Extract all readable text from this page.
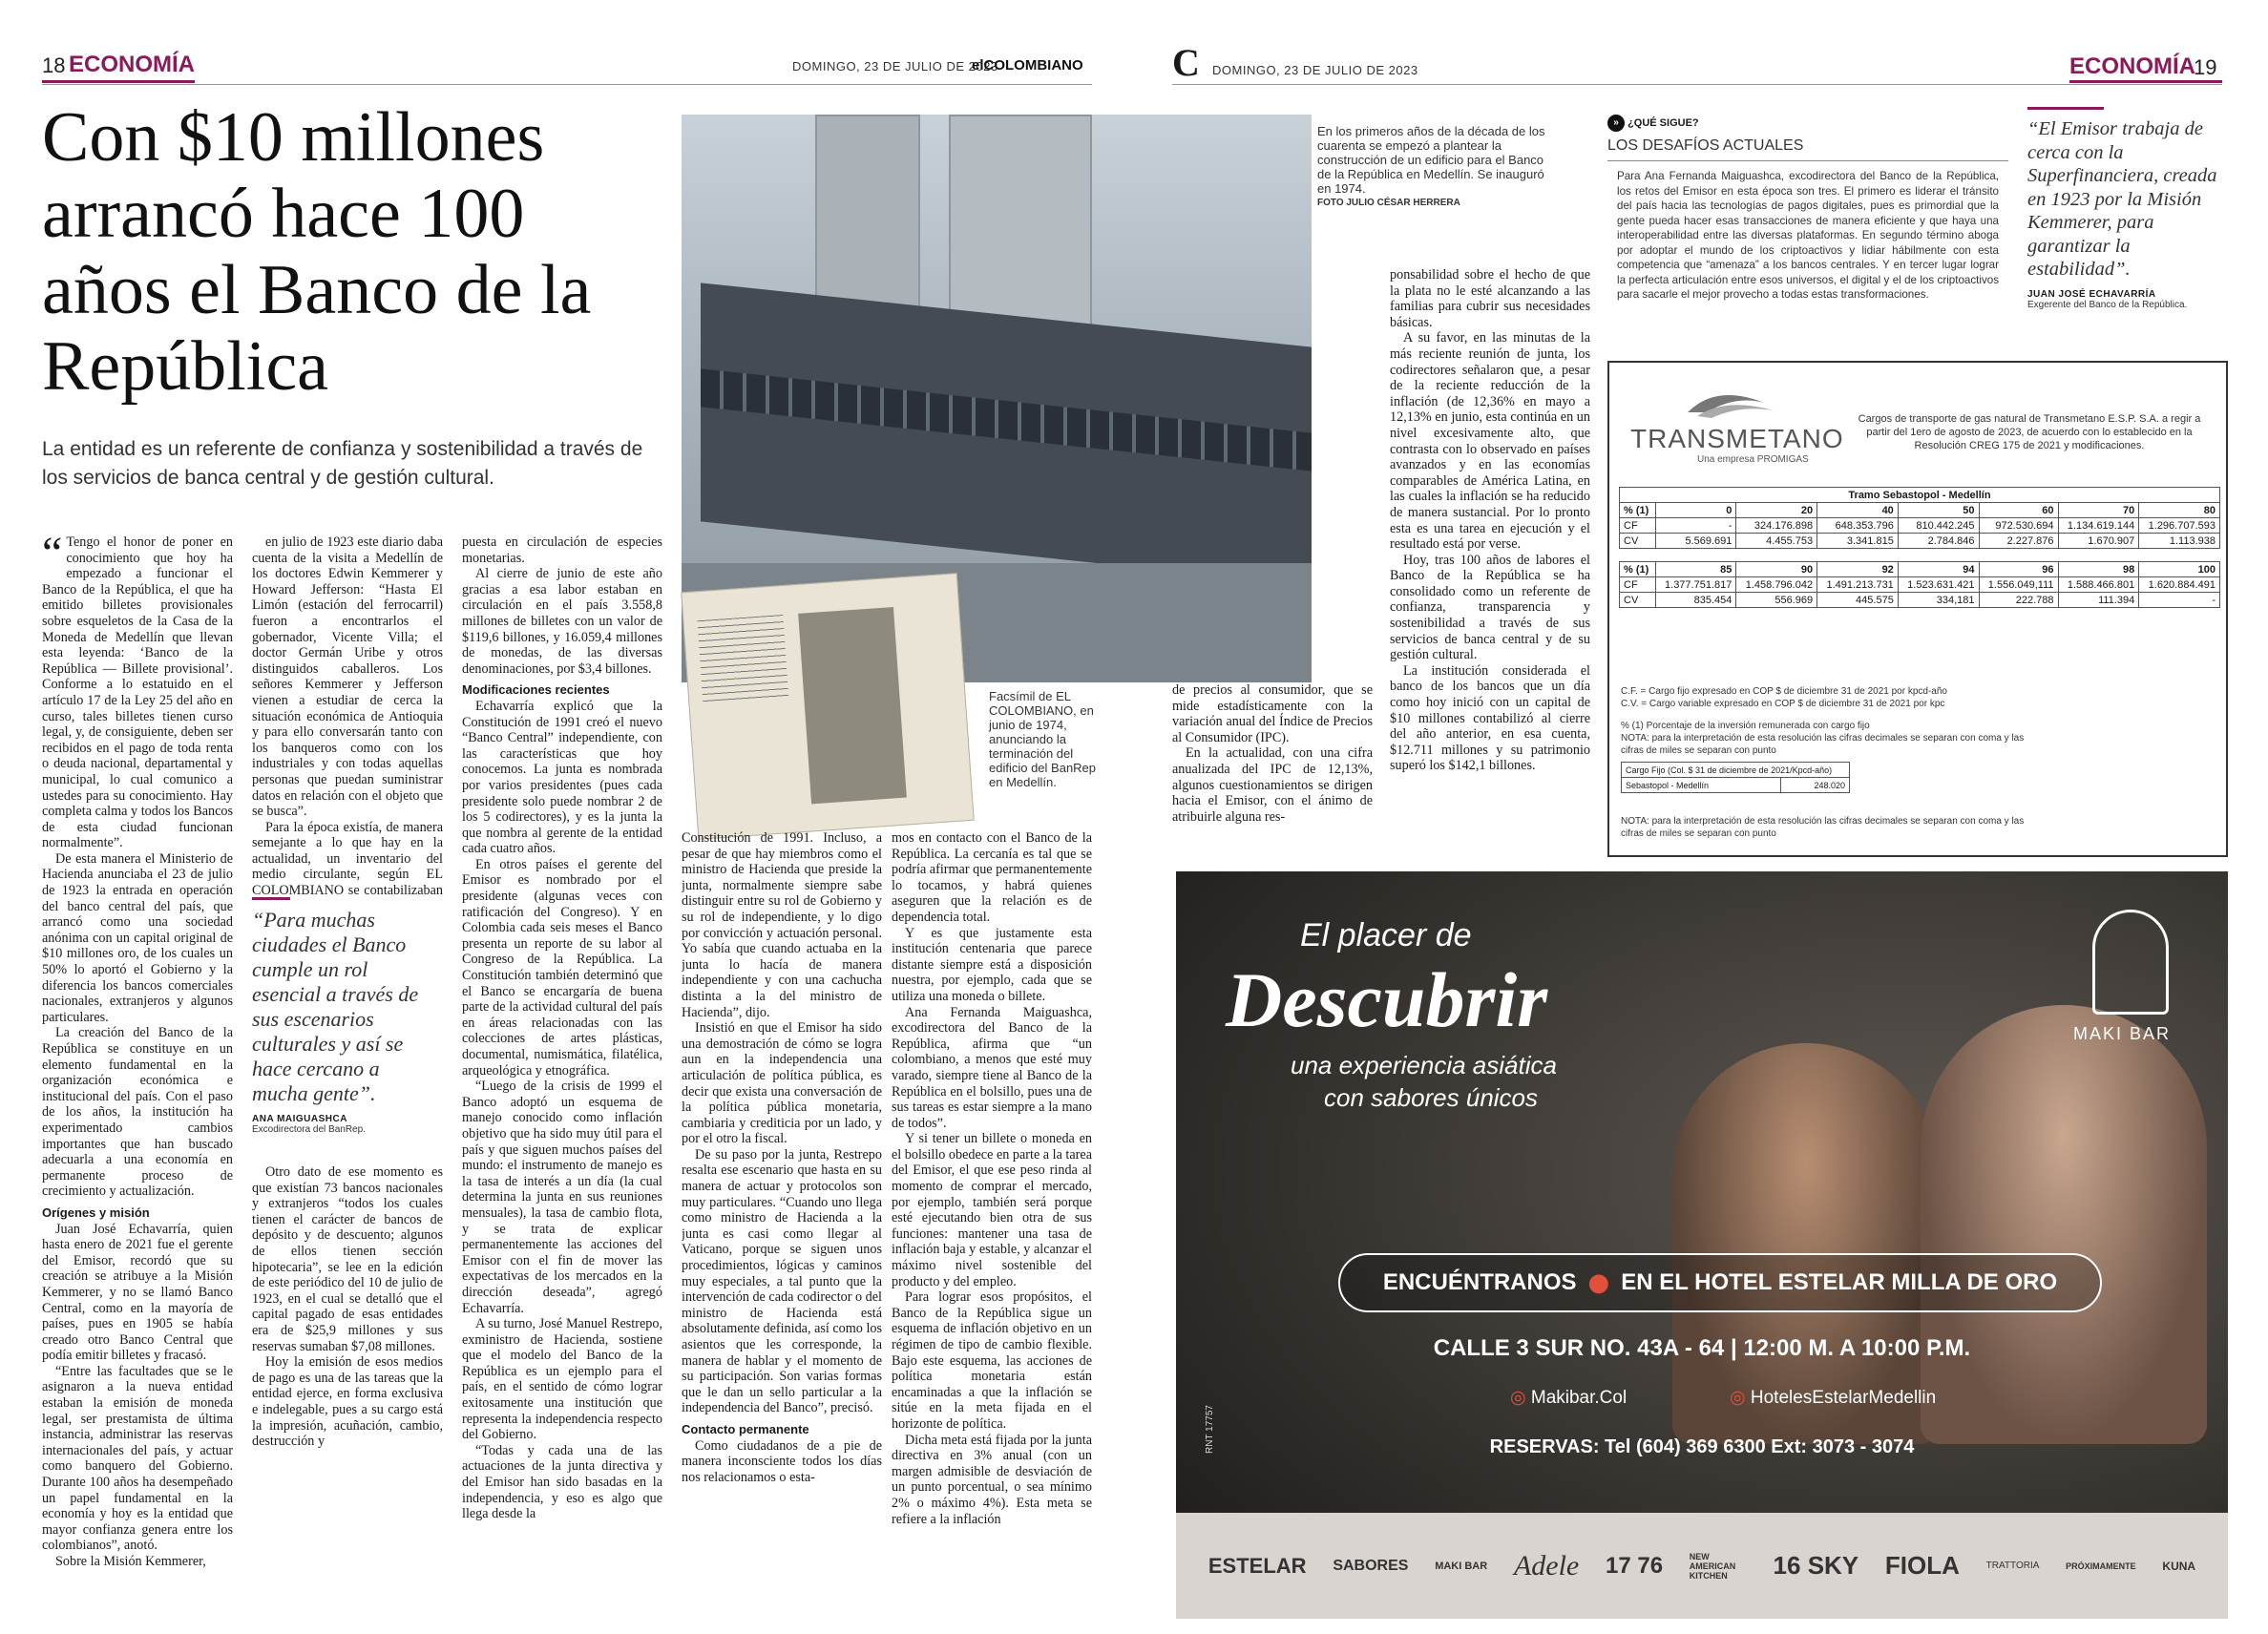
18 ECONOMÍA	DOMINGO, 23 DE JULIO DE 2023
elCOLOMBIANO
Con $10 millones arrancó hace 100 años el Banco de la República
La entidad es un referente de confianza y sostenibilidad a través de los servicios de banca central y de gestión cultural.
En los primeros años de la década de los cuarenta se empezó a plantear la construcción de un edificio para el Banco de la República en Medellín. Se inauguró en 1974.
FOTO JULIO CÉSAR HERRERA
Facsímil de EL COLOMBIANO, en junio de 1974, anunciando la terminación del edificio del BanRep en Medellín.
“Para muchas ciudades el Banco cumple un rol esencial a través de sus escenarios culturales y así se hace cercano a mucha gente”.
ANA MAIGUASHCA
Excodirectora del BanRep.

“ Tengo el honor de poner en conocimiento que hoy ha empezado a funcionar el Banco de la República, el que ha emitido billetes provisionales sobre esqueletos de la Casa de la Moneda de Medellín que llevan esta leyenda: ‘Banco de la República — Billete provisional’. Conforme a lo estatuido en el artículo 17 de la Ley 25 del año en curso, tales billetes tienen curso legal, y, de consiguiente, deben ser recibidos en el pago de toda renta o deuda nacional, departamental y municipal, lo cual comunico a ustedes para su conocimiento. Hay completa calma y todos los Bancos de esta ciudad funcionan normalmente”.

De esta manera el Ministerio de Hacienda anunciaba el 23 de julio de 1923 la entrada en operación del banco central del país, que arrancó como una sociedad anónima con un capital original de $10 millones oro, de los cuales un 50% lo aportó el Gobierno y la diferencia los bancos comerciales nacionales, extranjeros y algunos particulares.

La creación del Banco de la República se constituye en un elemento fundamental en la organización económica e institucional del país. Con el paso de los años, la institución ha experimentado cambios importantes que han buscado adecuarla a una economía en permanente proceso de crecimiento y actualización.

Orígenes y misión

Juan José Echavarría, quien hasta enero de 2021 fue el gerente del Emisor, recordó que su creación se atribuye a la Misión Kemmerer, y no se llamó Banco Central, como en la mayoría de países, pues en 1905 se había creado otro Banco Central que podía emitir billetes y fracasó.

“Entre las facultades que se le asignaron a la nueva entidad estaban la emisión de moneda legal, ser prestamista de última instancia, administrar las reservas internacionales del país, y actuar como banquero del Gobierno. Durante 100 años ha desempeñado un papel fundamental en la economía y hoy es la entidad que mayor confianza genera entre los colombianos”, anotó.

Sobre la Misión Kemmerer,

en julio de 1923 este diario daba cuenta de la visita a Medellín de los doctores Edwin Kemmerer y Howard Jefferson: “Hasta El Limón (estación del ferrocarril) fueron a encontrarlos el gobernador, Vicente Villa; el doctor Germán Uribe y otros distinguidos caballeros. Los señores Kemmerer y Jefferson vienen a estudiar de cerca la situación económica de Antioquia y para ello conversarán tanto con los banqueros como con los industriales y con todas aquellas personas que puedan suministrar datos en relación con el objeto que se busca”.

Para la época existía, de manera semejante a lo que hay en la actualidad, un inventario del medio circulante, según EL COLOMBIANO se contabilizaban

Otro dato de ese momento es que existían 73 bancos nacionales y extranjeros “todos los cuales tienen el carácter de bancos de depósito y de descuento; algunos de ellos tienen sección hipotecaria”, se lee en la edición de este periódico del 10 de julio de 1923, en el cual se detalló que el capital pagado de esas entidades era de $25,9 millones y sus reservas sumaban $7,08 millones.

Hoy la emisión de esos medios de pago es una de las tareas que la entidad ejerce, en forma exclusiva e indelegable, pues a su cargo está la impresión, acuñación, cambio, destrucción y

puesta en circulación de especies monetarias.

Al cierre de junio de este año gracias a esa labor estaban en circulación en el país 3.558,8 millones de billetes con un valor de $119,6 billones, y 16.059,4 millones de monedas, de las diversas denominaciones, por $3,4 billones.

Modificaciones recientes

Echavarría explicó que la Constitución de 1991 creó el nuevo “Banco Central” independiente, con las características que hoy conocemos. La junta es nombrada por varios presidentes (pues cada presidente solo puede nombrar 2 de los 5 codirectores), y es la junta la que nombra al gerente de la entidad cada cuatro años.

En otros países el gerente del Emisor es nombrado por el presidente (algunas veces con ratificación del Congreso). Y en Colombia cada seis meses el Banco presenta un reporte de su labor al Congreso de la República. La Constitución también determinó que el Banco se encargaría de buena parte de la actividad cultural del país en áreas relacionadas con las colecciones de artes plásticas, documental, numismática, filatélica, arqueológica y etnográfica.

“Luego de la crisis de 1999 el Banco adoptó un esquema de manejo conocido como inflación objetivo que ha sido muy útil para el país y que siguen muchos países del mundo: el instrumento de manejo es la tasa de interés a un día (la cual determina la junta en sus reuniones mensuales), la tasa de cambio flota, y se trata de explicar permanentemente las acciones del Emisor con el fin de mover las expectativas de los mercados en la dirección deseada”, agregó Echavarría.

A su turno, José Manuel Restrepo, exministro de Hacienda, sostiene que el modelo del Banco de la República es un ejemplo para el país, en el sentido de cómo lograr exitosamente una institución que representa la independencia respecto del Gobierno.

“Todas y cada una de las actuaciones de la junta directiva y del Emisor han sido basadas en la independencia, y eso es algo que llega desde la

Constitución de 1991. Incluso, a pesar de que hay miembros como el ministro de Hacienda que preside la junta, normalmente siempre sabe distinguir entre su rol de Gobierno y su rol de independiente, y lo digo por convicción y actuación personal. Yo sabía que cuando actuaba en la junta lo hacía de manera independiente y con una cachucha distinta a la del ministro de Hacienda”, dijo.

Insistió en que el Emisor ha sido una demostración de cómo se logra aun en la independencia una articulación de política pública, es decir que exista una conversación de la política pública monetaria, cambiaria y crediticia por un lado, y por el otro la fiscal.

De su paso por la junta, Restrepo resalta ese escenario que hasta en su manera de actuar y protocolos son muy particulares. “Cuando uno llega como ministro de Hacienda a la junta es casi como llegar al Vaticano, porque se siguen unos procedimientos, lógicas y caminos muy especiales, a tal punto que la intervención de cada codirector o del ministro de Hacienda está absolutamente definida, así como los asientos que les corresponde, la manera de hablar y el momento de su participación. Son varias formas que le dan un sello particular a la independencia del Banco”, precisó.

Contacto permanente

Como ciudadanos de a pie de manera inconsciente todos los días nos relacionamos o esta-

mos en contacto con el Banco de la República. La cercanía es tal que se podría afirmar que permanentemente lo tocamos, y habrá quienes aseguren que la relación es de dependencia total.

Y es que justamente esta institución centenaria que parece distante siempre está a disposición nuestra, por ejemplo, cada que se utiliza una moneda o billete.

Ana Fernanda Maiguashca, excodirectora del Banco de la República, afirma que “un colombiano, a menos que esté muy varado, siempre tiene al Banco de la República en el bolsillo, pues una de sus tareas es estar siempre a la mano de todos”.

Y si tener un billete o moneda en el bolsillo obedece en parte a la tarea del Emisor, el que ese peso rinda al momento de comprar el mercado, por ejemplo, también será porque esté ejecutando bien otra de sus funciones: mantener una tasa de inflación baja y estable, y alcanzar el máximo nivel sostenible del producto y del empleo.

Para lograr esos propósitos, el Banco de la República sigue un esquema de inflación objetivo en un régimen de tipo de cambio flexible. Bajo este esquema, las acciones de política monetaria están encaminadas a que la inflación se sitúe en la meta fijada en el horizonte de política.

Dicha meta está fijada por la junta directiva en 3% anual (con un margen admisible de desviación de un punto porcentual, o sea mínimo 2% o máximo 4%). Esta meta se refiere a la inflación

C DOMINGO, 23 DE JULIO DE 2023	ECONOMÍA
19

de precios al consumidor, que se mide estadísticamente con la variación anual del Índice de Precios al Consumidor (IPC).

En la actualidad, con una cifra anualizada del IPC de 12,13%, algunos cuestionamientos se dirigen hacia el Emisor, con el ánimo de atribuirle alguna res-

ponsabilidad sobre el hecho de que la plata no le esté alcanzando a las familias para cubrir sus necesidades básicas.

A su favor, en las minutas de la más reciente reunión de junta, los codirectores señalaron que, a pesar de la reciente reducción de la inflación (de 12,36% en mayo a 12,13% en junio, esta continúa en un nivel excesivamente alto, que contrasta con lo observado en países avanzados y en las economías comparables de América Latina, en las cuales la inflación se ha reducido de manera sustancial. Por lo pronto esta es una tarea en ejecución y el resultado está por verse.

Hoy, tras 100 años de labores el Banco de la República se ha consolidado como un referente de confianza, transparencia y sostenibilidad a través de sus servicios de banca central y de su gestión cultural.

La institución considerada el banco de los bancos que un día como hoy inició con un capital de $10 millones contabilizó al cierre del año anterior, en esa cuenta, $12.711 millones y su patrimonio superó los $142,1 billones.

» ¿QUÉ SIGUE?
LOS DESAFÍOS ACTUALES
Para Ana Fernanda Maiguashca, excodirectora del Banco de la República, los retos del Emisor en esta época son tres. El primero es liderar el tránsito del país hacia las tecnologías de pagos digitales, pues es primordial que la gente pueda hacer esas transacciones de manera eficiente y que haya una interoperabilidad entre las diversas plataformas. En segundo término aboga por adoptar el mundo de los criptoactivos y lidiar hábilmente con esta competencia que “amenaza” a los bancos centrales. Y en tercer lugar lograr la perfecta articulación entre esos universos, el digital y el de los criptoactivos para sacarle el mejor provecho a todas estas transformaciones.
“El Emisor trabaja de cerca con la Superfinanciera, creada en 1923 por la Misión Kemmerer, para garantizar la estabilidad”.
JUAN JOSÉ ECHAVARRÍA
Exgerente del Banco de la República.
TRANSMETANO
Una empresa PROMIGAS
Cargos de transporte de gas natural de Transmetano E.S.P. S.A. a regir a partir del 1ero de agosto de 2023, de acuerdo con lo establecido en la Resolución CREG 175 de 2021 y modificaciones.
Tramo Sebastopol - Medellín							
% (1)	0	20	40	50	60	70	80
CF	-	324.176.898	648.353.796	810.442.245	972.530.694	1.134.619.144	1.296.707.593
CV	5.569.691	4.455.753	3.341.815	2.784.846	2.227.876	1.670.907	1.113.938

% (1)	85	90	92	94	96	98	100
CF	1.377.751.817	1.458.796.042	1.491.213.731	1.523.631.421	1.556.049,111	1.588.466.801	1.620.884.491
CV	835.454	556.969	445.575	334,181	222.788	111.394	-
C.F. = Cargo fijo expresado en COP $ de diciembre 31 de 2021 por kpcd-año
C.V. = Cargo variable expresado en COP $ de diciembre 31 de 2021 por kpc
% (1) Porcentaje de la inversión remunerada con cargo fijo
NOTA: para la interpretación de esta resolución las cifras decimales se separan con coma y las cifras de miles se separan con punto
Cargo Fijo (Col. $ 31 de diciembre de 2021/Kpcd-año)
Sebastopol - Medellín	248.020
NOTA: para la interpretación de esta resolución las cifras decimales se separan con coma y las cifras de miles se separan con punto
El placer de
Descubrir
una experiencia asiática
con sabores únicos
MAKI BAR
ENCUÉNTRANOS ● EN EL HOTEL ESTELAR MILLA DE ORO
CALLE 3 SUR NO. 43A - 64 | 12:00 M. A 10:00 P.M.
◎ Makibar.Col	◎ HotelesEstelarMedellin
RESERVAS: Tel (604) 369 6300 Ext: 3073 - 3074
RNT 17757
ESTELAR SABORES	MAKI BAR Adele 17 76	NEW AMERICAN KITCHEN	16 SKY FIOLA	TRATTORIA	PRÓXIMAMENTE KUNA
